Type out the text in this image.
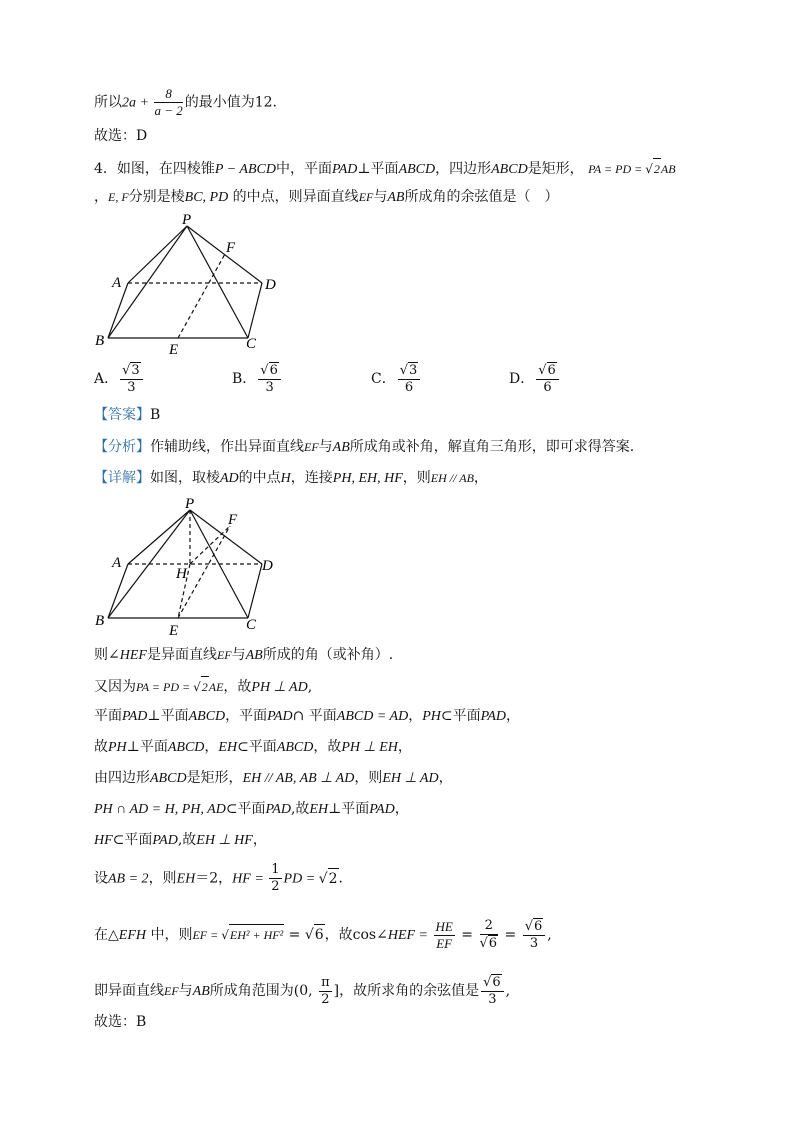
所以$2a + \frac{8}{a - 2}$ 的最小值为12.
故选：D
4．如图，在四棱锥P − ABCD中，平面PAD⊥平面ABCD，四边形ABCD是矩形， PA = PD = √ 2AB
，E, F分别是棱BC, PD 的中点，则异面直线EF与AB所成角的余弦值是（　）
P
F
A	D
B
E	C
A． √ $\frac{3}{3}$	B． √ $\frac{6}{3}$	C． √ $\frac{3}{6}$	D． √ $\frac{6}{6}$
【答案】B
【分析】作辅助线，作出异面直线EF与AB所成角或补角，解直角三角形，即可求得答案.
【详解】如图，取棱AD的中点H，连接PH, EH, HF，则EH // AB，
P
F
A
H	D
B
E	C
则∠HEF是异面直线EF与AB所成的角（或补角）.
又因为PA = PD = √ 2AE，故PH ⊥ AD,
平面PAD⊥平面ABCD，平面PAD∩ 平面ABCD = AD，PH⊂平面PAD，
故PH⊥平面ABCD，EH⊂平面ABCD，故PH ⊥ EH，
由四边形ABCD是矩形，EH // AB, AB ⊥ AD，则EH ⊥ AD，
PH ∩ AD = H, PH, AD⊂平面PAD,故EH⊥平面PAD，
HF⊂平面PAD,故EH ⊥ HF，
设AB = 2，则EH＝2，HF = $\frac{1}{2}$ PD = √ 2.
在△EFH 中，则EF = √ EH² + HF² = √ 6，故cos∠HEF = $\frac{HE}{EF} = 2$
√ 6 = √ $\frac{6}{3}$ ,
即异面直线EF与AB所成角范围为(0, $\frac{\pi}{2}$ ]，故所求角的余弦值是 √ $\frac{6}{3}$ ,
故选：B
